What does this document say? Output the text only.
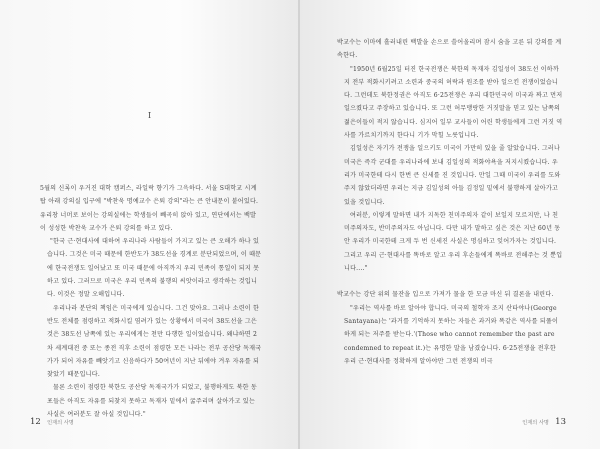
I

5월의 신록이 우거진 대학 캠퍼스, 라일락 향기가 그윽하다. 서울 S대학교 시계탑 아래 강의실 입구에 "박찬욱 명예교수 은퇴 강의"라는 큰 안내문이 붙어있다. 유리창 너머로 보이는 강의실에는 학생들이 빼곡히 앉아 있고, 연단에서는 백발이 성성한 박찬욱 교수가 은퇴 강의를 하고 있다.

"한국 근·현대사에 대하여 우리나라 사람들이 가지고 있는 큰 오해가 하나 있습니다. 그것은 미국 때문에 한반도가 38도선을 경계로 분단되었으며, 이 때문에 한국전쟁도 일어났고 또 미국 때문에 아직까지 우리 민족이 통일이 되지 못하고 있다. 그러므로 미국은 우리 민족의 불행의 씨앗이라고 생각하는 것입니다. 이것은 정말 오해입니다.

우리나라 분단의 책임은 미국에게 있습니다. 그건 맞아요. 그러나 소련이 한반도 전체를 점령하고 적화시킬 염려가 있는 상황에서 미국이 38도선을 그은 것은 38도선 남쪽에 있는 우리에게는 천만 다행한 일이었습니다. 왜냐하면 2차 세계대전 중 또는 종전 직후 소련이 점령한 모든 나라는 전부 공산당 독재국가가 되어 자유를 빼앗기고 신음하다가 50여년이 지난 뒤에야 겨우 자유를 되찾았기 때문입니다.

물론 소련이 점령한 북한도 공산당 독재국가가 되었고, 불행하게도 북한 동포들은 아직도 자유를 되찾지 못하고 독재자 밑에서 굶주리며 살아가고 있는 사실은 여러분도 잘 아실 것입니다."

12 인재의 사명

박교수는 이마에 흘러내린 백발을 손으로 쓸어올리며 잠시 숨을 고른 뒤 강의를 계속한다.

"1950년 6월25일 터진 한국전쟁은 북한의 독재자 김일성이 38도선 이하까지 전부 적화시키려고 소련과 중국의 허락과 원조를 받아 일으킨 전쟁이었습니다. 그런데도 북한정권은 아직도 6·25전쟁은 우리 대한민국이 미국과 짜고 먼저 일으켰다고 주장하고 있습니다. 또 그런 허무맹랑한 거짓말을 믿고 있는 남쪽의 젊은이들이 적지 않습니다. 심지어 일부 교사들이 어린 학생들에게 그런 거짓 역사를 가르치기까지 한다니 기가 막힐 노릇입니다.

김일성은 자기가 전쟁을 일으키도 미국이 가만히 있을 줄 알았습니다. 그러나 미국은 즉각 군대를 우리나라에 보내 김일성의 적화야욕을 저지시켰습니다. 우리가 미국한테 다시 한번 큰 신세를 진 것입니다. 만일 그때 미국이 우리를 도와주지 않았더라면 우리는 지금 김일성의 아들 김정일 밑에서 불행하게 살아가고 있을 것입니다.

여러분, 이렇게 말하면 내가 지독한 친미주의자 같이 보일지 모르지만, 나 친미주의자도, 반미주의자도 아닙니다. 다만 내가 말하고 싶은 것은 지난 60년 동안 우리가 미국한테 크게 두 번 신세진 사실은 명심하고 잊어가자는 것입니다. 그리고 우리 근·현대사를 똑바로 알고 우리 후손들에게 똑바로 전해주는 것 뿐입니다...."

박교수는 강단 위의 물잔을 입으로 가져가 물을 한 모금 마신 뒤 결론을 내린다.

"우리는 역사를 바로 알아야 합니다. 미국의 철학자 조지 산타야나(George Santayana)는 '과거를 기억하지 못하는 자들은 과거와 똑같은 역사를 되풀이하게 되는 저주를 받는다.'(Those who cannot remember the past are condemned to repeat it.)는 유명한 말을 남겼습니다. 6·25전쟁을 전후한 우리 근·현대사를 정확하게 알아야만 그런 전쟁의 비극

인재의 사명 13
